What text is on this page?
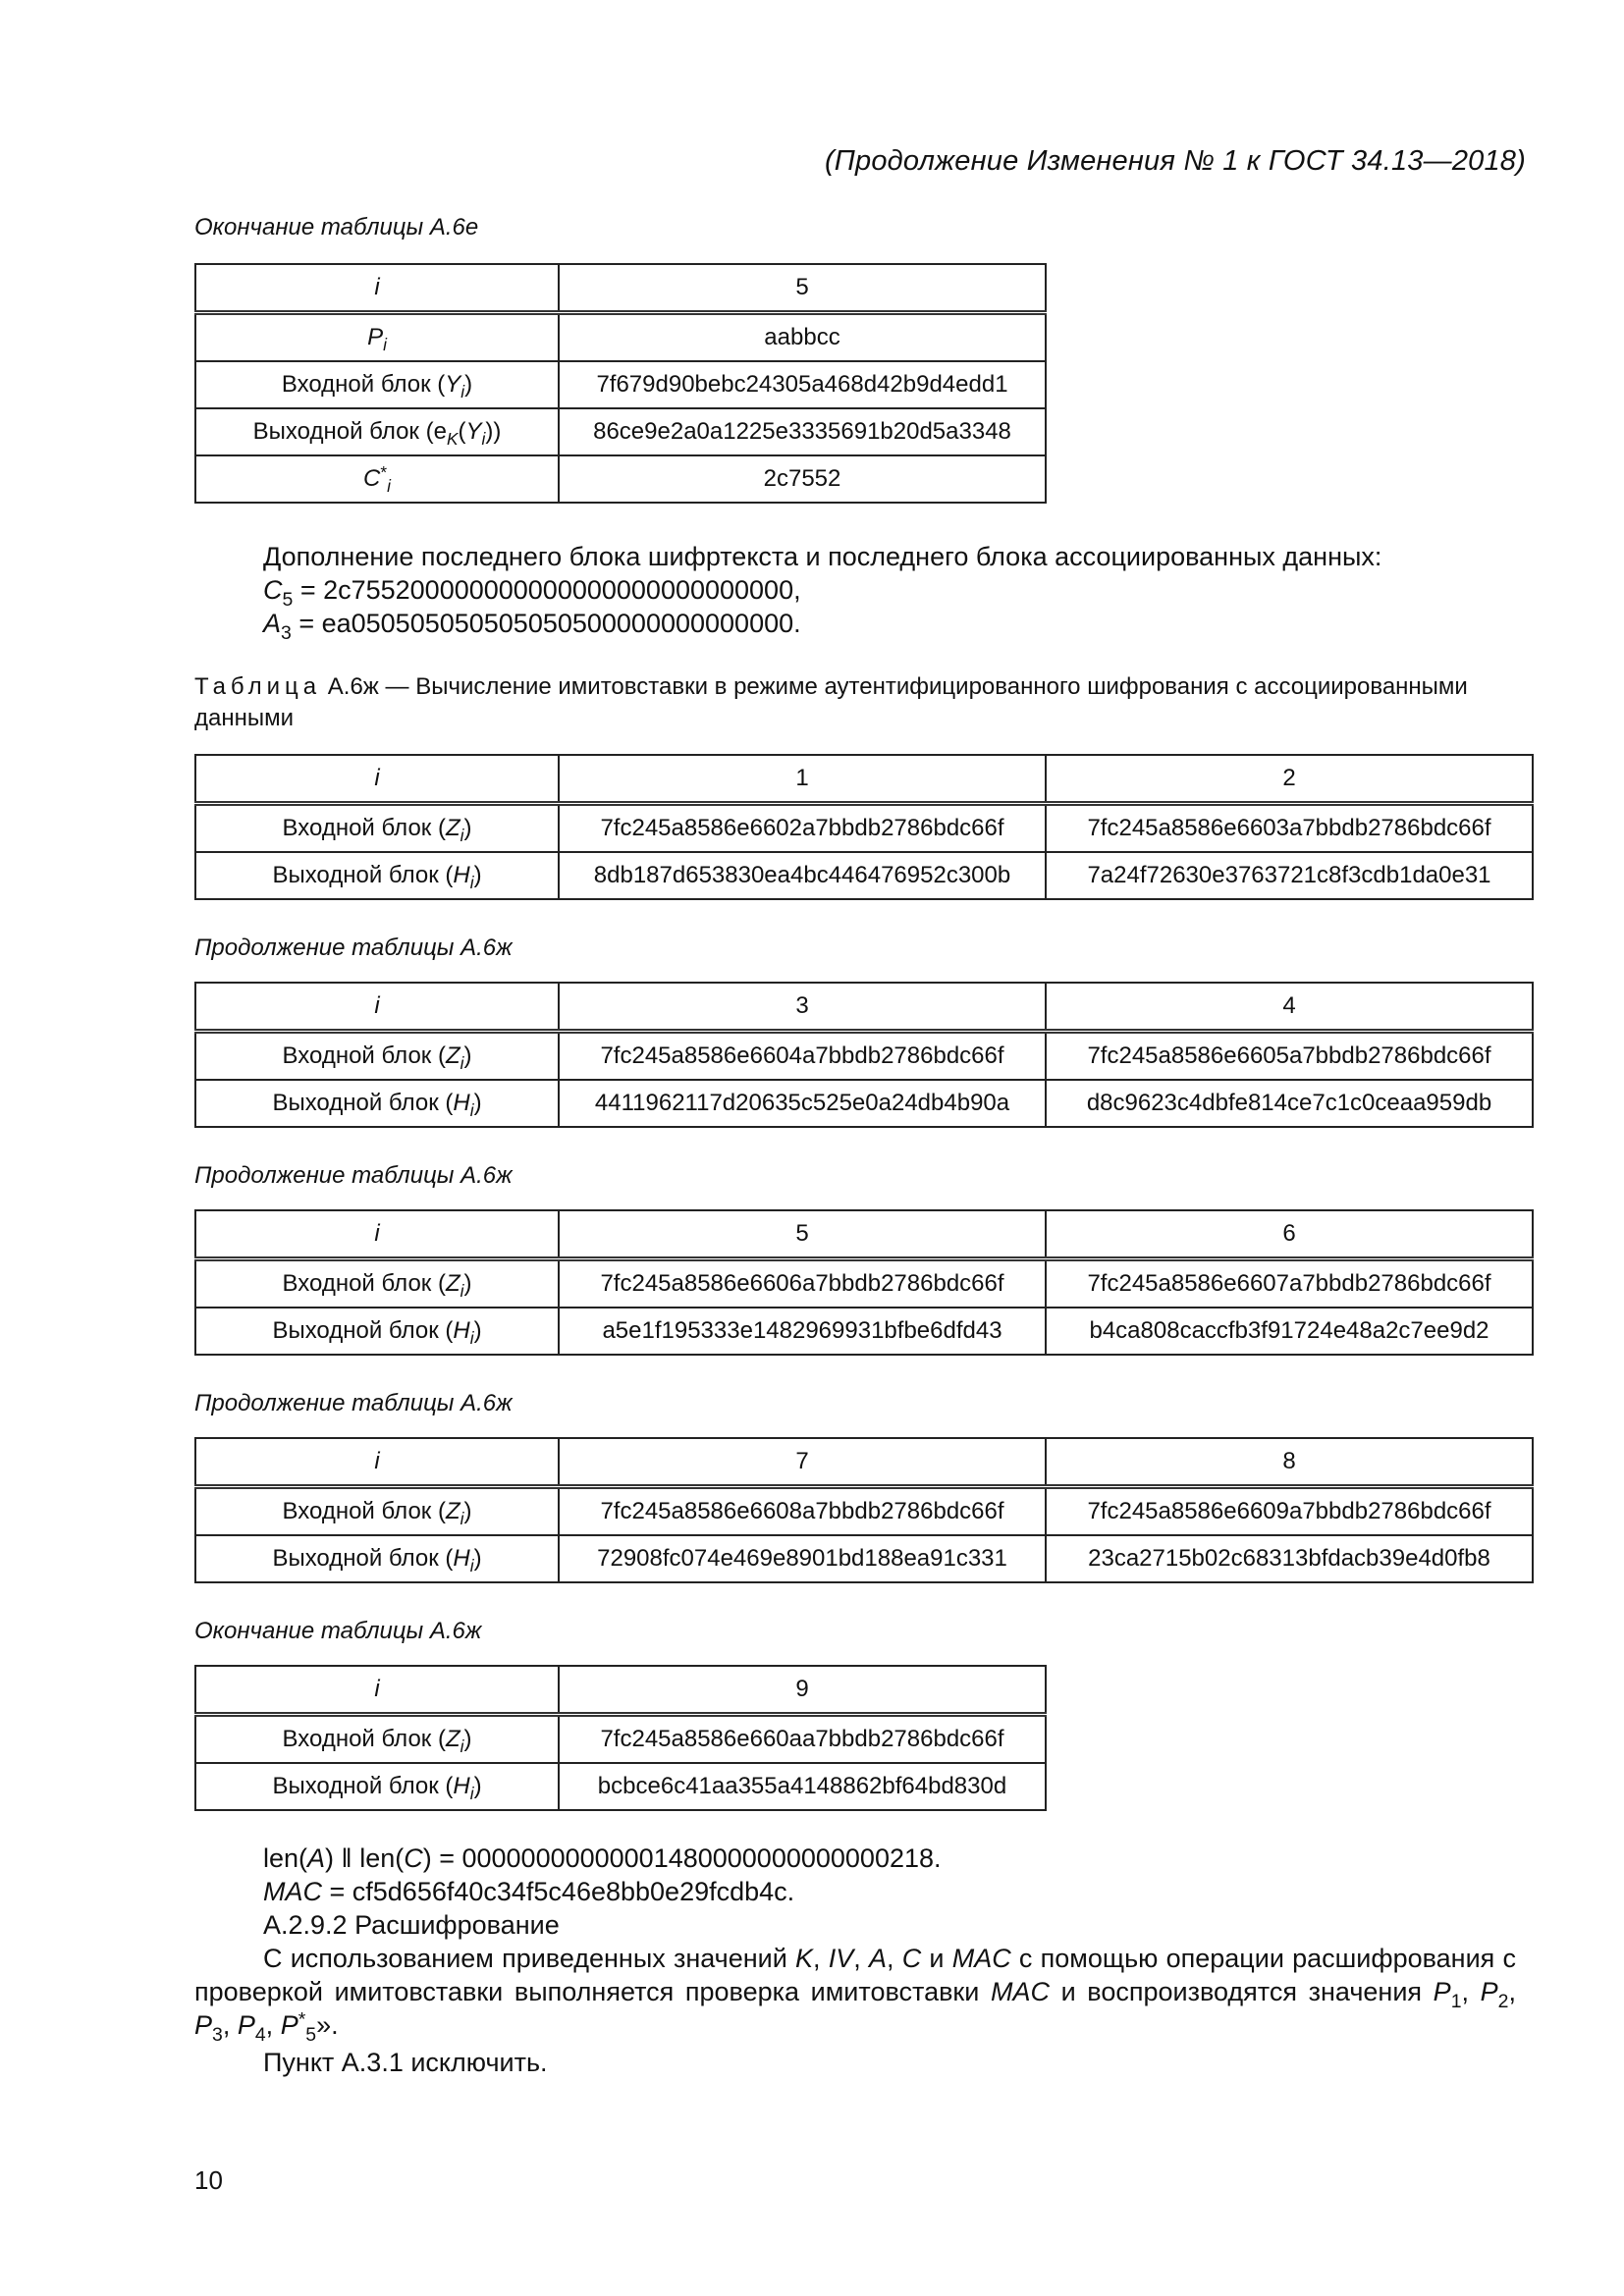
(Продолжение Изменения № 1 к ГОСТ 34.13—2018)
Окончание таблицы А.6е
i	5
$P_i$	aabbcc
Входной блок $(Y_i)$	7f679d90bebc24305a468d42b9d4edd1
Выходной блок $(e_K(Y_i))$	86ce9e2a0a1225e3335691b20d5a3348
$C^*_i$	2c7552
Дополнение последнего блока шифртекста и последнего блока ассоциированных данных:
$C_5 = 2c755200000000000000000000000000$,
$A_3 = ea050505050505050500000000000000$.
Таблица А.6ж — Вычисление имитовставки в режиме аутентифицированного шифрования с ассоциированными данными
i	1	2
Входной блок $(Z_i)$	7fc245a8586e6602a7bbdb2786bdc66f	7fc245a8586e6603a7bbdb2786bdc66f
Выходной блок $(H_i)$	8db187d653830ea4bc446476952c300b	7a24f72630e3763721c8f3cdb1da0e31
Продолжение таблицы А.6ж
i	3	4
Входной блок $(Z_i)$	7fc245a8586e6604a7bbdb2786bdc66f	7fc245a8586e6605a7bbdb2786bdc66f
Выходной блок $(H_i)$	4411962117d20635c525e0a24db4b90a	d8c9623c4dbfe814ce7c1c0ceaa959db
Продолжение таблицы А.6ж
i	5	6
Входной блок $(Z_i)$	7fc245a8586e6606a7bbdb2786bdc66f	7fc245a8586e6607a7bbdb2786bdc66f
Выходной блок $(H_i)$	a5e1f195333e1482969931bfbe6dfd43	b4ca808caccfb3f91724e48a2c7ee9d2
Продолжение таблицы А.6ж
i	7	8
Входной блок $(Z_i)$	7fc245a8586e6608a7bbdb2786bdc66f	7fc245a8586e6609a7bbdb2786bdc66f
Выходной блок $(H_i)$	72908fc074e469e8901bd188ea91c331	23ca2715b02c68313bfdacb39e4d0fb8
Окончание таблицы А.6ж
i	9
Входной блок $(Z_i)$	7fc245a8586e660aa7bbdb2786bdc66f
Выходной блок $(H_i)$	bcbce6c41aa355a4148862bf64bd830d
len(A) ‖ len(C) = 00000000000001480000000000000218.
MAC = cf5d656f40c34f5c46e8bb0e29fcdb4c.
А.2.9.2 Расшифрование
С использованием приведенных значений K, IV, A, C и MAC с помощью операции расшифрования с проверкой имитовставки выполняется проверка имитовставки MAC и воспроизводятся значения $P_1$, $P_2$, $P_3$, $P_4$, $P^*_5$».
Пункт А.3.1 исключить.
10
